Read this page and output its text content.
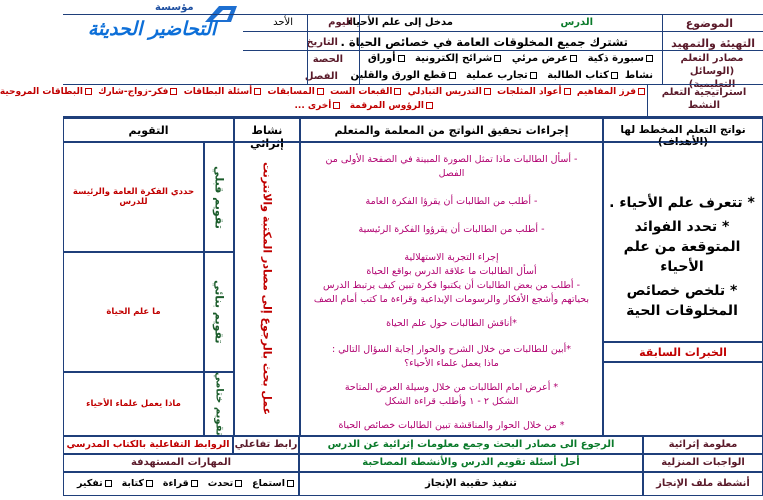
مؤسسة
التحاضير الحديثة	الموضوع
الدرس
مدخل إلى علم الأحياء
اليوم
الأحد
التهيئة والتمهيد
تشترك جميع المخلوقات العامة في خصائص الحياة .
التاريخ
مصادر التعلم (الوسائل التعليمية)
سبورة ذكية   عرض مرئي   شرائح إلكترونية   أوراق
نشاط  كتاب الطالبة   تجارب عملية   قطع الورق والقلين
الحصة
الفصل
استراتيجية التعلم النشط
فرز المفاهيم  أعواد المثلجات  التدريس التبادلي  القبعات الست  المسابقات  أسئلة البطاقات  فكر-زواج-شارك  البطاقات المروحية
الرؤوس المرقمة   أخرى ...
نواتج التعلم المخطط لها (الأهداف)
إجراءات تحقيق النواتج من المعلمة والمتعلم
نشاط إثرائي
التقويم
* تتعرف علم الأحياء .
* تحدد الفوائد المتوقعة من علم الأحياء
* تلخص خصائص المخلوقات الحية
الخبرات السابقة
- أسأل الطالبات ماذا تمثل الصورة المبينة في الصفحة الأولى من الفصل
- أطلب من الطالبات أن يقرؤا الفكرة العامة
- أطلب من الطالبات أن يقرؤوا الفكرة الرئيسية
إجراء التجربة الاستهلالية
أسأل الطالبات ما علاقة الدرس بواقع الحياة
- أطلب من بعض الطالبات أن يكتبوا فكرة تبين كيف يرتبط الدرس بحياتهم وأشجع الأفكار والرسومات الإبداعية وقراءة ما كتب أمام الصف
*أناقش الطالبات حول علم الحياة
*أبين للطالبات من خلال الشرح والحوار إجابة السؤال التالي :
ماذا يعمل علماء الأحياء؟
* أعرض امام الطالبات من خلال وسيلة العرض المتاحة
الشكل ٢ - ١ وأطلب قراءة الشكل
* من خلال الحوار والمناقشة تبين الطالبات خصائص الحياة
عمل بحث بالرجوع إلى مصادر المكتبة والانترنت
تقويم قبلي
حددي الفكرة العامة والرئيسة للدرس
تقويم بنائي
ما علم الحياة
تقويم ختامي
ماذا يعمل علماء الأحياء
معلومة إثرائية
الرجوع الى مصادر البحث وجمع معلومات إثرائية عن الدرس
رابط تفاعلي
الروابط التفاعلية بالكتاب المدرسي
الواجبات المنزلية
أحل أسئلة تقويم الدرس والأنشطة المصاحبة
المهارات المستهدفة
أنشطة ملف الإنجاز
تنفيذ حقيبة الإنجاز
استماع   تحدث   قراءة   كتابة   تفكير
